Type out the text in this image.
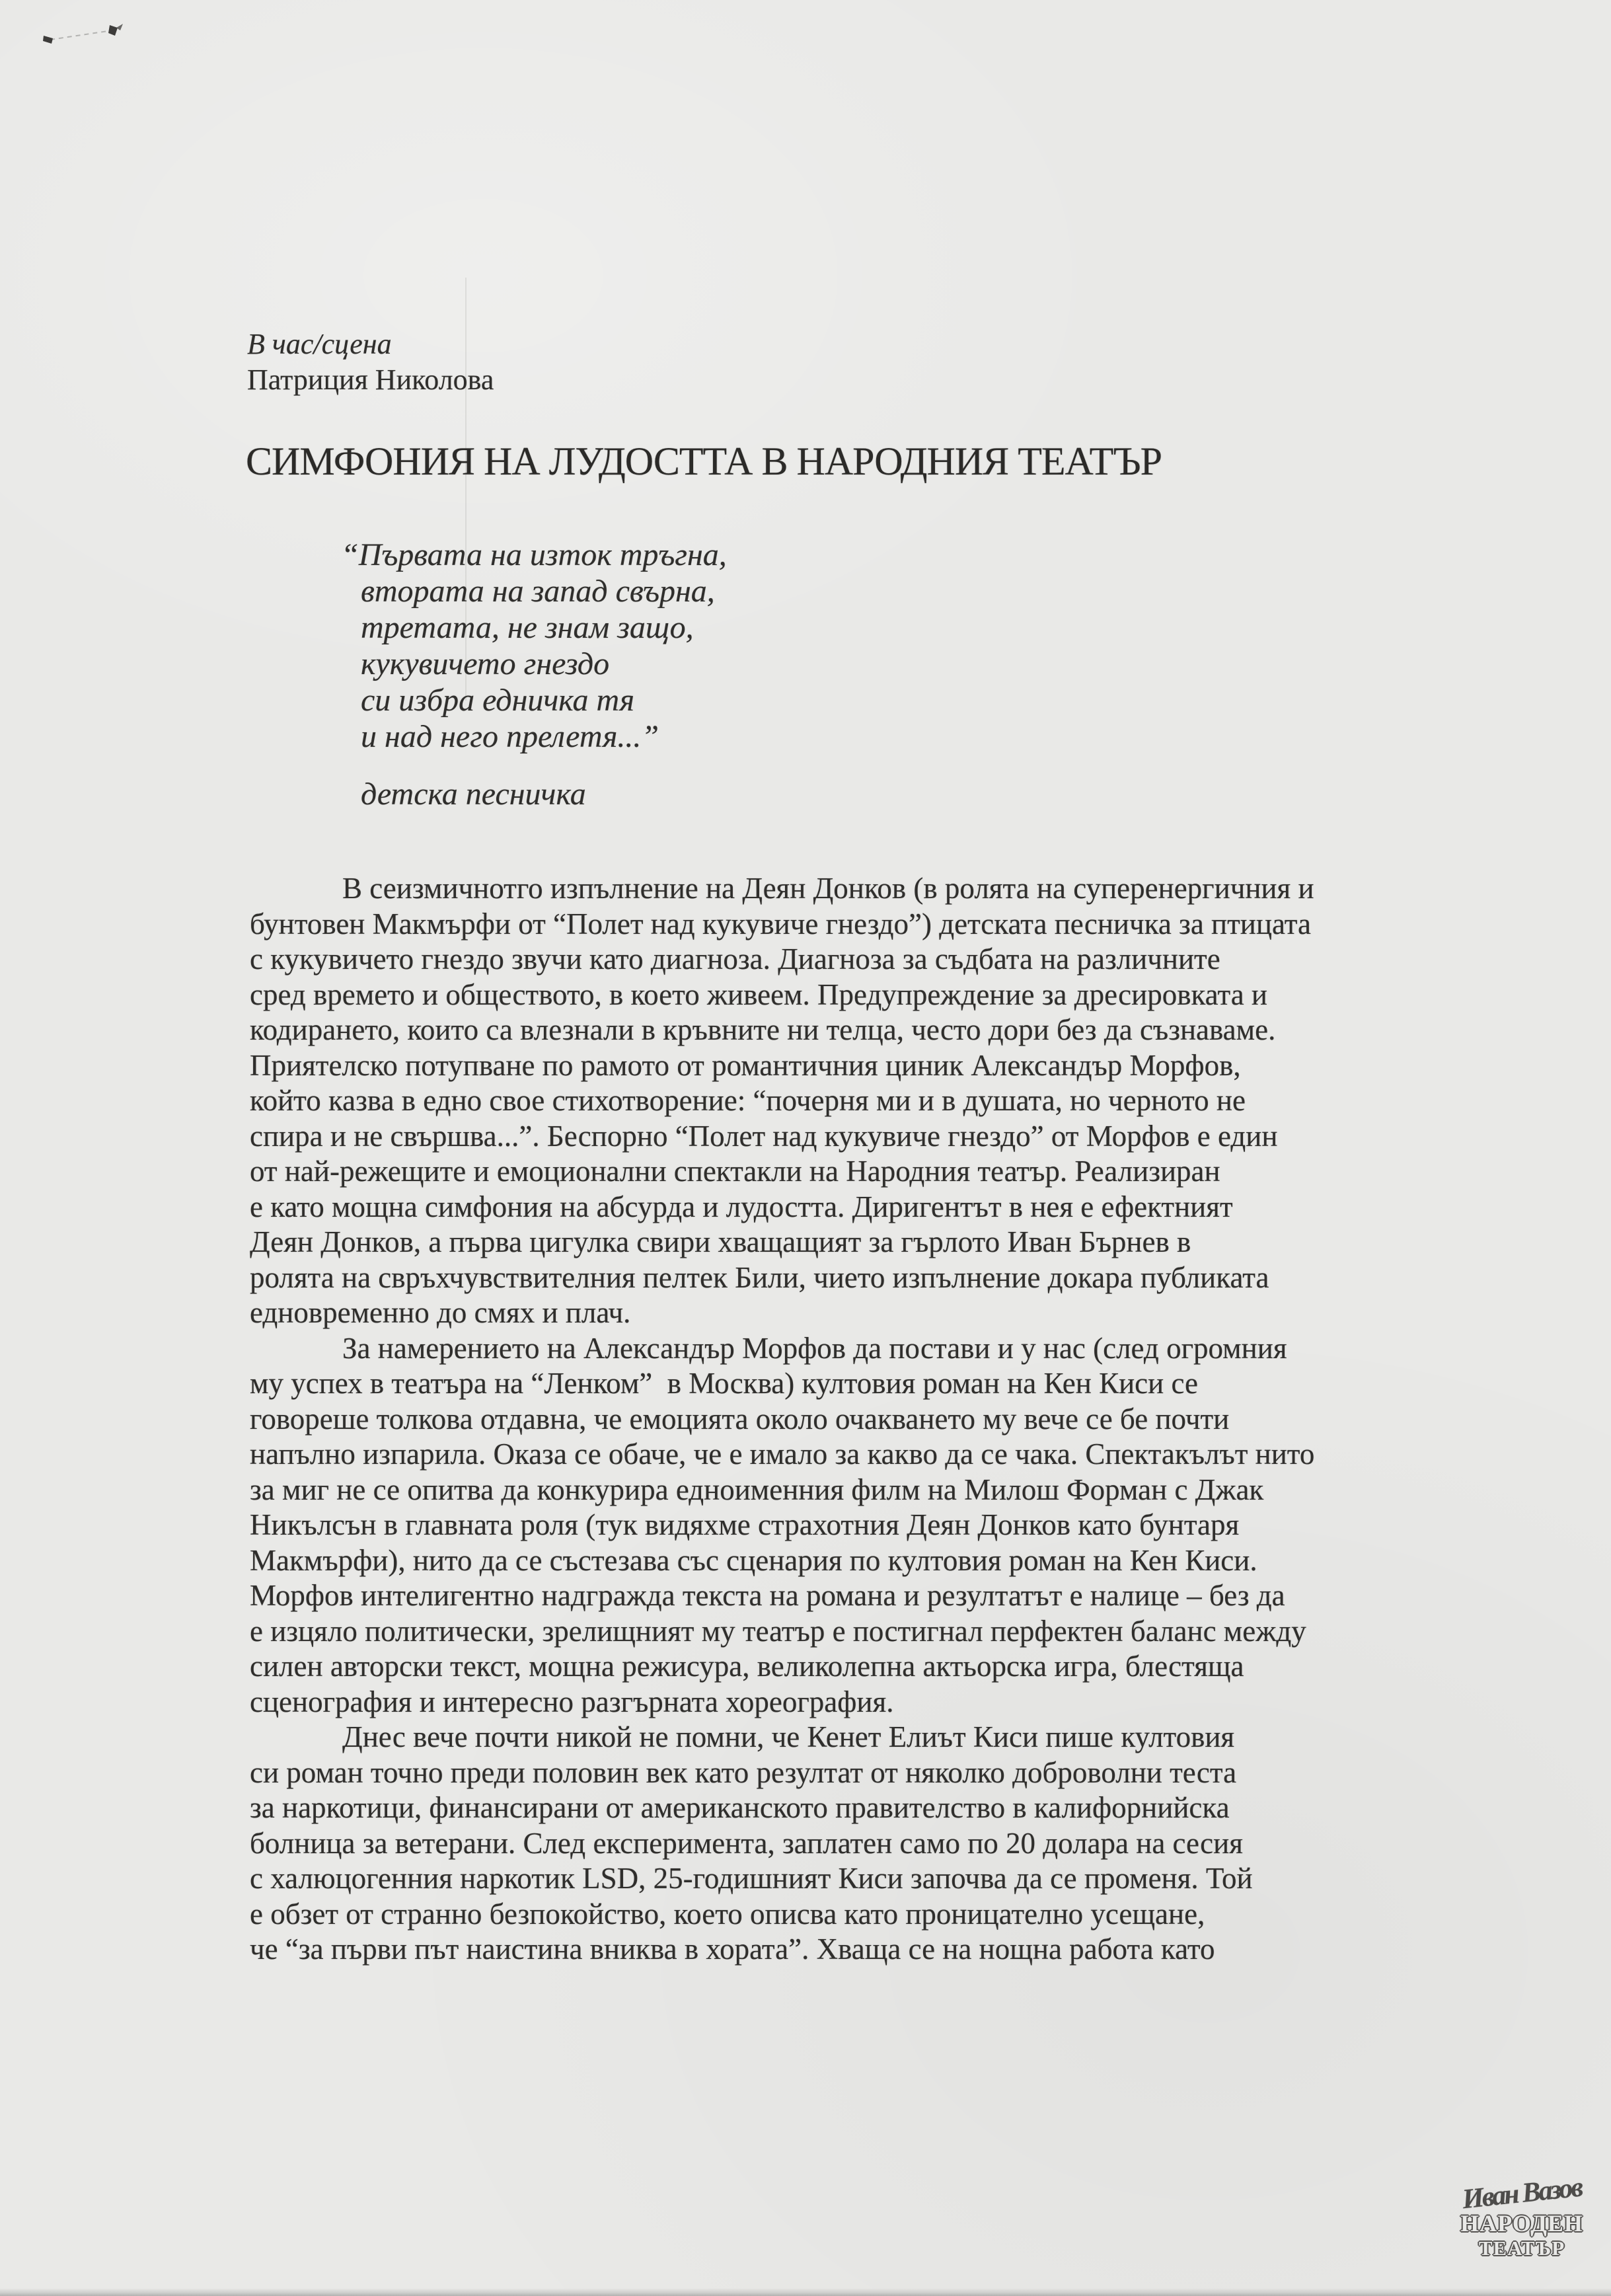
В час/сцена
Патриция Николова
СИМФОНИЯ НА ЛУДОСТТА В НАРОДНИЯ ТЕАТЪР
“Първата на изток тръгна,
втората на запад свърна,
третата, не знам защо,
кукувичето гнездо
си избра едничка тя
и над него прелетя...”
детска песничка
В сеизмичнотго изпълнение на Деян Донков (в ролята на суперенергичния и
бунтовен Макмърфи от “Полет над кукувиче гнездо”) детската песничка за птицата
с кукувичето гнездо звучи като диагноза. Диагноза за съдбата на различните
сред времето и обществото, в което живеем. Предупреждение за дресировката и
кодирането, които са влезнали в кръвните ни телца, често дори без да съзнаваме.
Приятелско потупване по рамото от романтичния циник Александър Морфов,
който казва в едно свое стихотворение: “почерня ми и в душата, но черното не
спира и не свършва...”. Беспорно “Полет над кукувиче гнездо” от Морфов е един
от най-режещите и емоционални спектакли на Народния театър. Реализиран
е като мощна симфония на абсурда и лудостта. Диригентът в нея е ефектният
Деян Донков, а първа цигулка свири хващащият за гърлото Иван Бърнев в
ролята на свръхчувствителния пелтек Били, чието изпълнение докара публиката
едновременно до смях и плач.
За намерението на Александър Морфов да постави и у нас (след огромния
му успех в театъра на “Ленком”  в Москва) култовия роман на Кен Киси се
говореше толкова отдавна, че емоцията около очакването му вече се бе почти
напълно изпарила. Оказа се обаче, че е имало за какво да се чака. Спектакълът нито
за миг не се опитва да конкурира едноименния филм на Милош Форман с Джак
Никълсън в главната роля (тук видяхме страхотния Деян Донков като бунтаря
Макмърфи), нито да се състезава със сценария по култовия роман на Кен Киси.
Морфов интелигентно надгражда текста на романа и резултатът е налице – без да
е изцяло политически, зрелищният му театър е постигнал перфектен баланс между
силен авторски текст, мощна режисура, великолепна актьорска игра, блестяща
сценография и интересно разгърната хореография.
Днес вече почти никой не помни, че Кенет Елиът Киси пише култовия
си роман точно преди половин век като резултат от няколко доброволни теста
за наркотици, финансирани от американското правителство в калифорнийска
болница за ветерани. След експеримента, заплатен само по 20 долара на сесия
с халюцогенния наркотик LSD, 25-годишният Киси започва да се променя. Той
е обзет от странно безпокойство, което описва като проницателно усещане,
че “за първи път наистина вниква в хората”. Хваща се на нощна работа като
Иван Вазов
НАРОДЕН
ТЕАТЪР
